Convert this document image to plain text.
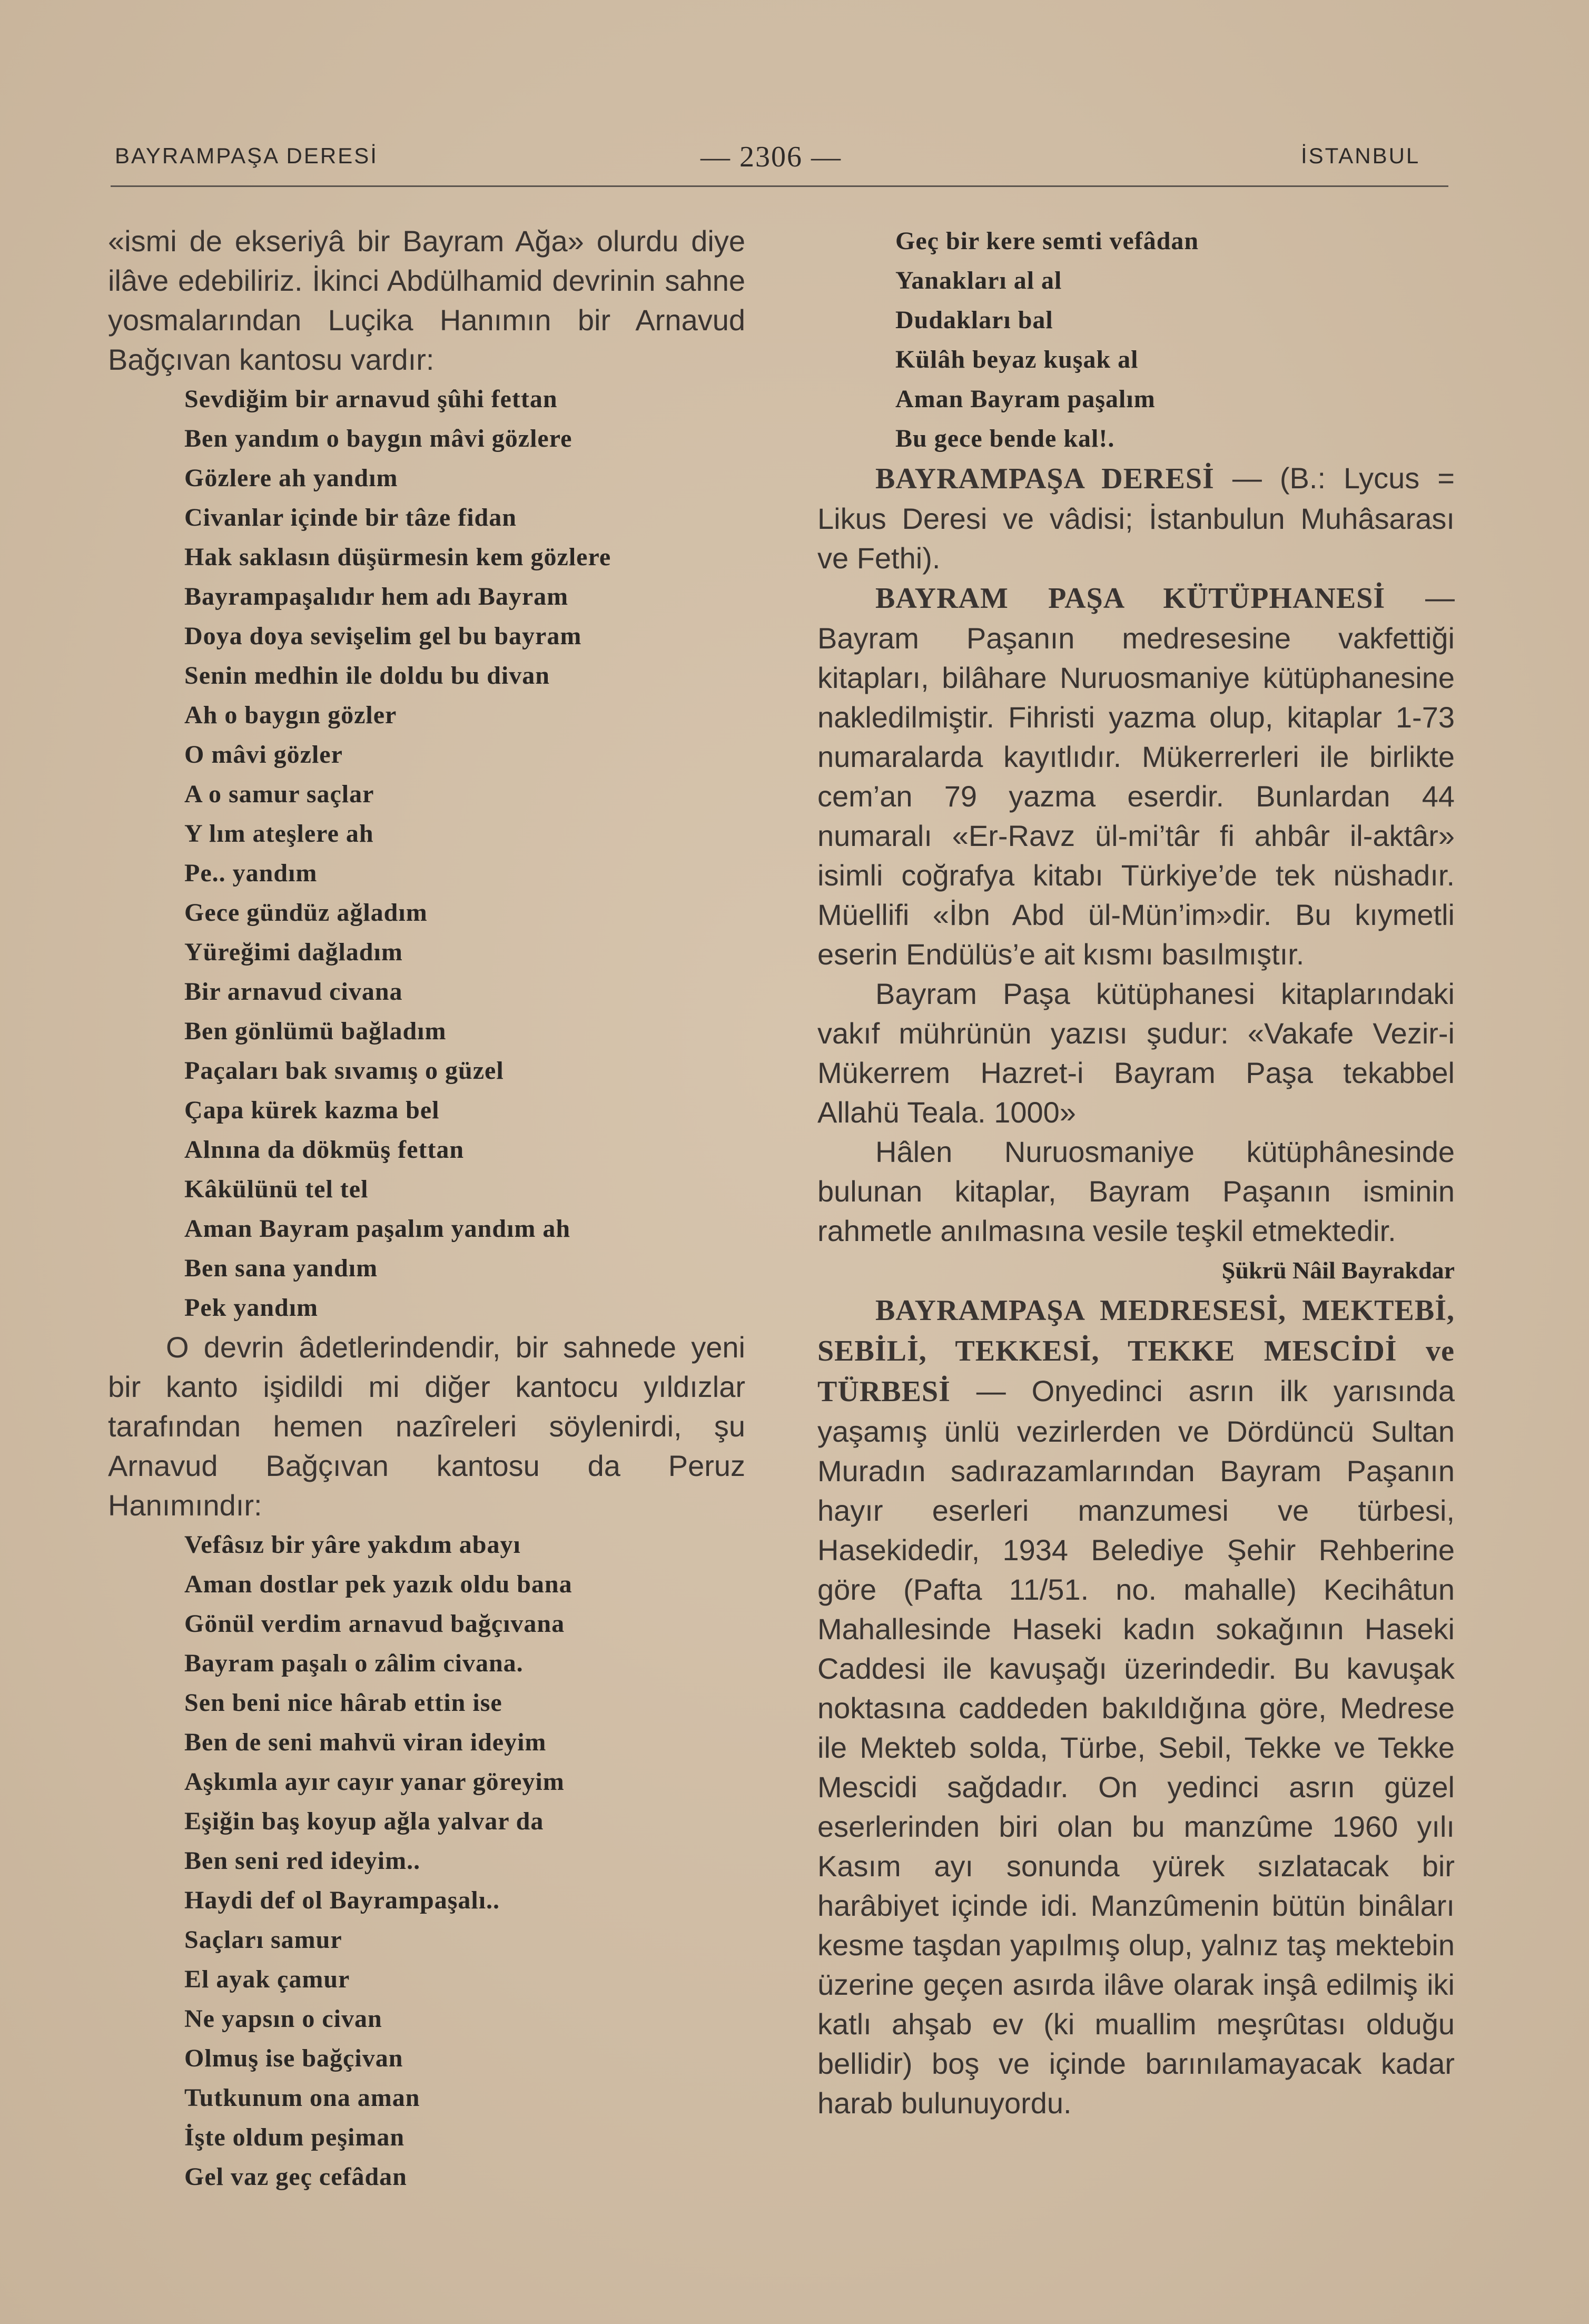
BAYRAMPAŞA DERESİ	— 2306 —	İSTANBUL

«ismi de ekseriyâ bir Bayram Ağa» olurdu diye ilâve edebiliriz. İkinci Abdülhamid devrinin sahne yosmalarından Luçika Hanımın bir Arnavud Bağçıvan kantosu vardır:

Sevdiğim bir arnavud şûhi fettan
Ben yandım o baygın mâvi gözlere
Gözlere ah yandım
Civanlar içinde bir tâze fidan
Hak saklasın düşürmesin kem gözlere
Bayrampaşalıdır hem adı Bayram
Doya doya sevişelim gel bu bayram
Senin medhin ile doldu bu divan
Ah o baygın gözler
O mâvi gözler
A o samur saçlar
Y lım ateşlere ah
Pe.. yandım
Gece gündüz ağladım
Yüreğimi dağladım
Bir arnavud civana
Ben gönlümü bağladım
Paçaları bak sıvamış o güzel
Çapa kürek kazma bel
Alnına da dökmüş fettan
Kâkülünü tel tel
Aman Bayram paşalım yandım ah
Ben sana yandım
Pek yandım

O devrin âdetlerindendir, bir sahnede yeni bir kanto işidildi mi diğer kantocu yıldızlar tarafından hemen nazîreleri söylenirdi, şu Arnavud Bağçıvan kantosu da Peruz Hanımındır:

Vefâsız bir yâre yakdım abayı
Aman dostlar pek yazık oldu bana
Gönül verdim arnavud bağçıvana
Bayram paşalı o zâlim civana.
Sen beni nice hârab ettin ise
Ben de seni mahvü viran ideyim
Aşkımla ayır cayır yanar göreyim
Eşiğin baş koyup ağla yalvar da
Ben seni red ideyim..
Haydi def ol Bayrampaşalı..
Saçları samur
El ayak çamur
Ne yapsın o civan
Olmuş ise bağçivan
Tutkunum ona aman
İşte oldum peşiman
Gel vaz geç cefâdan
Geç bir kere semti vefâdan
Yanakları al al
Dudakları bal
Külâh beyaz kuşak al
Aman Bayram paşalım
Bu gece bende kal!.

BAYRAMPAŞA DERESİ — (B.: Lycus = Likus Deresi ve vâdisi; İstanbulun Muhâsarası ve Fethi).

BAYRAM PAŞA KÜTÜPHANESİ — Bayram Paşanın medresesine vakfettiği kitapları, bilâhare Nuruosmaniye kütüphanesine nakledilmiştir. Fihristi yazma olup, kitaplar 1-73 numaralarda kayıtlıdır. Mükerrerleri ile birlikte cem’an 79 yazma eserdir. Bunlardan 44 numaralı «Er-Ravz ül-mi’târ fi ahbâr il-aktâr» isimli coğrafya kitabı Türkiye’de tek nüshadır. Müellifi «İbn Abd ül-Mün’im»dir. Bu kıymetli eserin Endülüs’e ait kısmı basılmıştır.

Bayram Paşa kütüphanesi kitaplarındaki vakıf mührünün yazısı şudur: «Vakafe Vezir-i Mükerrem Hazret-i Bayram Paşa tekabbel Allahü Teala. 1000»

Hâlen Nuruosmaniye kütüphânesinde bulunan kitaplar, Bayram Paşanın isminin rahmetle anılmasına vesile teşkil etmektedir.

Şükrü Nâil Bayrakdar

BAYRAMPAŞA MEDRESESİ, MEKTEBİ, SEBİLİ, TEKKESİ, TEKKE MESCİDİ ve TÜRBESİ — Onyedinci asrın ilk yarısında yaşamış ünlü vezirlerden ve Dördüncü Sultan Muradın sadırazamlarından Bayram Paşanın hayır eserleri manzumesi ve türbesi, Hasekidedir, 1934 Belediye Şehir Rehberine göre (Pafta 11/51. no. mahalle) Kecihâtun Mahallesinde Haseki kadın sokağının Haseki Caddesi ile kavuşağı üzerindedir. Bu kavuşak noktasına caddeden bakıldığına göre, Medrese ile Mekteb solda, Türbe, Sebil, Tekke ve Tekke Mescidi sağdadır. On yedinci asrın güzel eserlerinden biri olan bu manzûme 1960 yılı Kasım ayı sonunda yürek sızlatacak bir harâbiyet içinde idi. Manzûmenin bütün binâları kesme taşdan yapılmış olup, yalnız taş mektebin üzerine geçen asırda ilâve olarak inşâ edilmiş iki katlı ahşab ev (ki muallim meşrûtası olduğu bellidir) boş ve içinde barınılamayacak kadar harab bulunuyordu.
